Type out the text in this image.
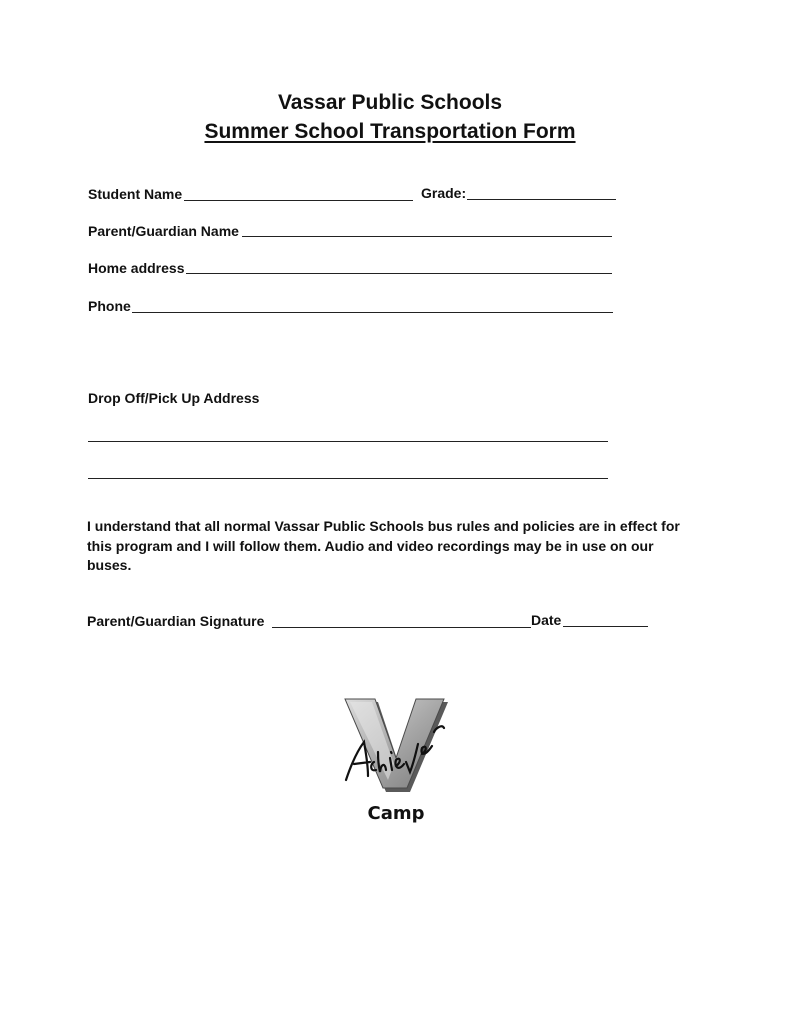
Vassar Public Schools
Summer School Transportation Form
Student Name	Grade:
Parent/Guardian Name
Home address
Phone
Drop Off/Pick Up Address
I understand that all normal Vassar Public Schools bus rules and policies are in effect for
this program and I will follow them. Audio and video recordings may be in use on our
buses.
Parent/Guardian Signature	Date
Camp
